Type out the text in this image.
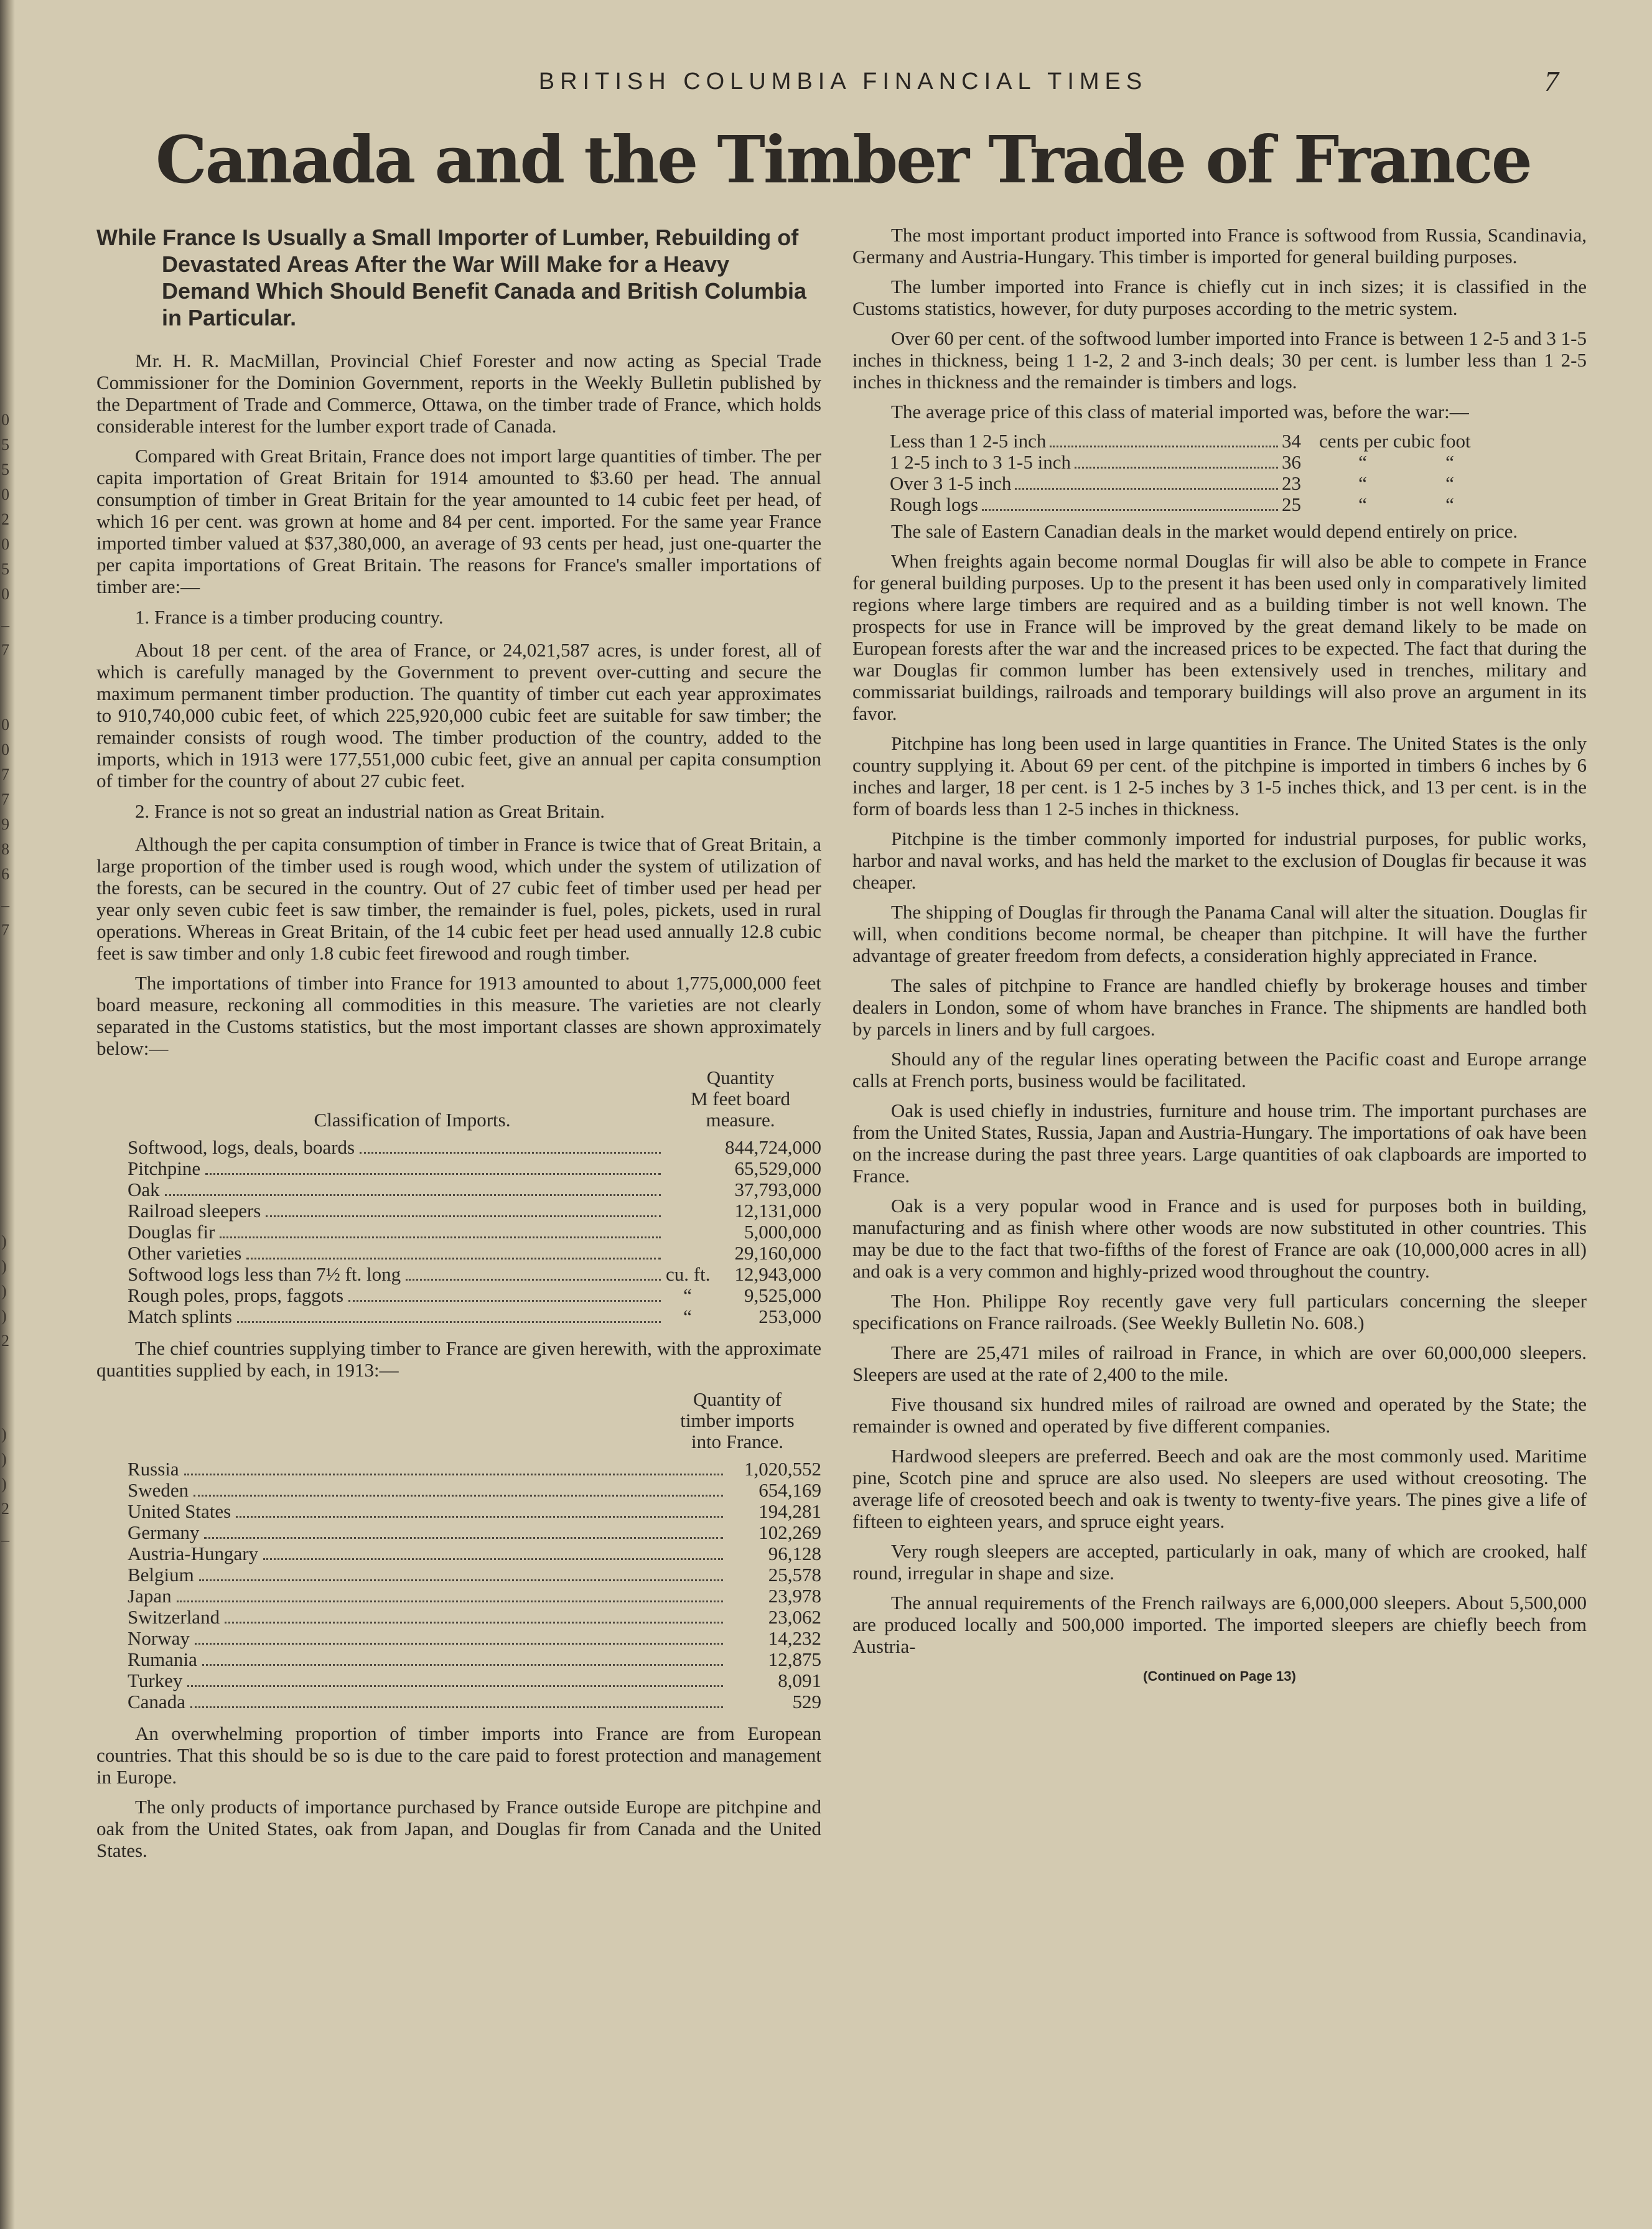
0
5
5
0
2
0
5
0
–
7
0
0
7
7
9
8
6
–
7
)
)
)
)
2
)
)
)
2
–
BRITISH COLUMBIA FINANCIAL TIMES	7
Canada and the Timber Trade of France
While France Is Usually a Small Importer of Lumber, Rebuilding of Devastated Areas After the War Will Make for a Heavy Demand Which Should Benefit Canada and British Columbia in Particular.

Mr. H. R. MacMillan, Provincial Chief Forester and now acting as Special Trade Commissioner for the Dominion Government, reports in the Weekly Bulletin published by the Department of Trade and Commerce, Ottawa, on the timber trade of France, which holds considerable interest for the lumber export trade of Canada.

Compared with Great Britain, France does not import large quantities of timber. The per capita importation of Great Britain for 1914 amounted to $3.60 per head. The annual consumption of timber in Great Britain for the year amounted to 14 cubic feet per head, of which 16 per cent. was grown at home and 84 per cent. imported. For the same year France imported timber valued at $37,380,000, an average of 93 cents per head, just one-quarter the per capita importations of Great Britain. The reasons for France's smaller importations of timber are:—

1. France is a timber producing country.

About 18 per cent. of the area of France, or 24,021,587 acres, is under forest, all of which is carefully managed by the Government to prevent over-cutting and secure the maximum permanent timber production. The quantity of timber cut each year approximates to 910,740,000 cubic feet, of which 225,920,000 cubic feet are suitable for saw timber; the remainder consists of rough wood. The timber production of the country, added to the imports, which in 1913 were 177,551,000 cubic feet, give an annual per capita consumption of timber for the country of about 27 cubic feet.

2. France is not so great an industrial nation as Great Britain.

Although the per capita consumption of timber in France is twice that of Great Britain, a large proportion of the timber used is rough wood, which under the system of utilization of the forests, can be secured in the country. Out of 27 cubic feet of timber used per head per year only seven cubic feet is saw timber, the remainder is fuel, poles, pickets, used in rural operations. Whereas in Great Britain, of the 14 cubic feet per head used annually 12.8 cubic feet is saw timber and only 1.8 cubic feet firewood and rough timber.

The importations of timber into France for 1913 amounted to about 1,775,000,000 feet board measure, reckoning all commodities in this measure. The varieties are not clearly separated in the Customs statistics, but the most important classes are shown approximately below:—

Classification of Imports.
Quantity
M feet board
measure.
Softwood, logs, deals, boards	844,724,000
Pitchpine	65,529,000
Oak	37,793,000
Railroad sleepers	12,131,000
Douglas fir	5,000,000
Other varieties	29,160,000
Softwood logs less than 7½ ft. long	cu. ft.	12,943,000
Rough poles, props, faggots	“	9,525,000
Match splints	“	253,000

The chief countries supplying timber to France are given herewith, with the approximate quantities supplied by each, in 1913:—

Quantity of
timber imports
into France.
Russia	1,020,552
Sweden	654,169
United States	194,281
Germany	102,269
Austria-Hungary	96,128
Belgium	25,578
Japan	23,978
Switzerland	23,062
Norway	14,232
Rumania	12,875
Turkey	8,091
Canada	529

An overwhelming proportion of timber imports into France are from European countries. That this should be so is due to the care paid to forest protection and management in Europe.

The only products of importance purchased by France outside Europe are pitchpine and oak from the United States, oak from Japan, and Douglas fir from Canada and the United States.

The most important product imported into France is softwood from Russia, Scandinavia, Germany and Austria-Hungary. This timber is imported for general building purposes.

The lumber imported into France is chiefly cut in inch sizes; it is classified in the Customs statistics, however, for duty purposes according to the metric system.

Over 60 per cent. of the softwood lumber imported into France is between 1 2-5 and 3 1-5 inches in thickness, being 1 1-2, 2 and 3-inch deals; 30 per cent. is lumber less than 1 2-5 inches in thickness and the remainder is timbers and logs.

The average price of this class of material imported was, before the war:—

Less than 1 2-5 inch	34 cents per cubic foot
1 2-5 inch to 3 1-5 inch	36	“	“
Over 3 1-5 inch	23	“	“
Rough logs	25	“	“

The sale of Eastern Canadian deals in the market would depend entirely on price.

When freights again become normal Douglas fir will also be able to compete in France for general building purposes. Up to the present it has been used only in comparatively limited regions where large timbers are required and as a building timber is not well known. The prospects for use in France will be improved by the great demand likely to be made on European forests after the war and the increased prices to be expected. The fact that during the war Douglas fir common lumber has been extensively used in trenches, military and commissariat buildings, railroads and temporary buildings will also prove an argument in its favor.

Pitchpine has long been used in large quantities in France. The United States is the only country supplying it. About 69 per cent. of the pitchpine is imported in timbers 6 inches by 6 inches and larger, 18 per cent. is 1 2-5 inches by 3 1-5 inches thick, and 13 per cent. is in the form of boards less than 1 2-5 inches in thickness.

Pitchpine is the timber commonly imported for industrial purposes, for public works, harbor and naval works, and has held the market to the exclusion of Douglas fir because it was cheaper.

The shipping of Douglas fir through the Panama Canal will alter the situation. Douglas fir will, when conditions become normal, be cheaper than pitchpine. It will have the further advantage of greater freedom from defects, a consideration highly appreciated in France.

The sales of pitchpine to France are handled chiefly by brokerage houses and timber dealers in London, some of whom have branches in France. The shipments are handled both by parcels in liners and by full cargoes.

Should any of the regular lines operating between the Pacific coast and Europe arrange calls at French ports, business would be facilitated.

Oak is used chiefly in industries, furniture and house trim. The important purchases are from the United States, Russia, Japan and Austria-Hungary. The importations of oak have been on the increase during the past three years. Large quantities of oak clapboards are imported to France.

Oak is a very popular wood in France and is used for purposes both in building, manufacturing and as finish where other woods are now substituted in other countries. This may be due to the fact that two-fifths of the forest of France are oak (10,000,000 acres in all) and oak is a very common and highly-prized wood throughout the country.

The Hon. Philippe Roy recently gave very full particulars concerning the sleeper specifications on France railroads. (See Weekly Bulletin No. 608.)

There are 25,471 miles of railroad in France, in which are over 60,000,000 sleepers. Sleepers are used at the rate of 2,400 to the mile.

Five thousand six hundred miles of railroad are owned and operated by the State; the remainder is owned and operated by five different companies.

Hardwood sleepers are preferred. Beech and oak are the most commonly used. Maritime pine, Scotch pine and spruce are also used. No sleepers are used without creosoting. The average life of creosoted beech and oak is twenty to twenty-five years. The pines give a life of fifteen to eighteen years, and spruce eight years.

Very rough sleepers are accepted, particularly in oak, many of which are crooked, half round, irregular in shape and size.

The annual requirements of the French railways are 6,000,000 sleepers. About 5,500,000 are produced locally and 500,000 imported. The imported sleepers are chiefly beech from Austria-

(Continued on Page 13)
